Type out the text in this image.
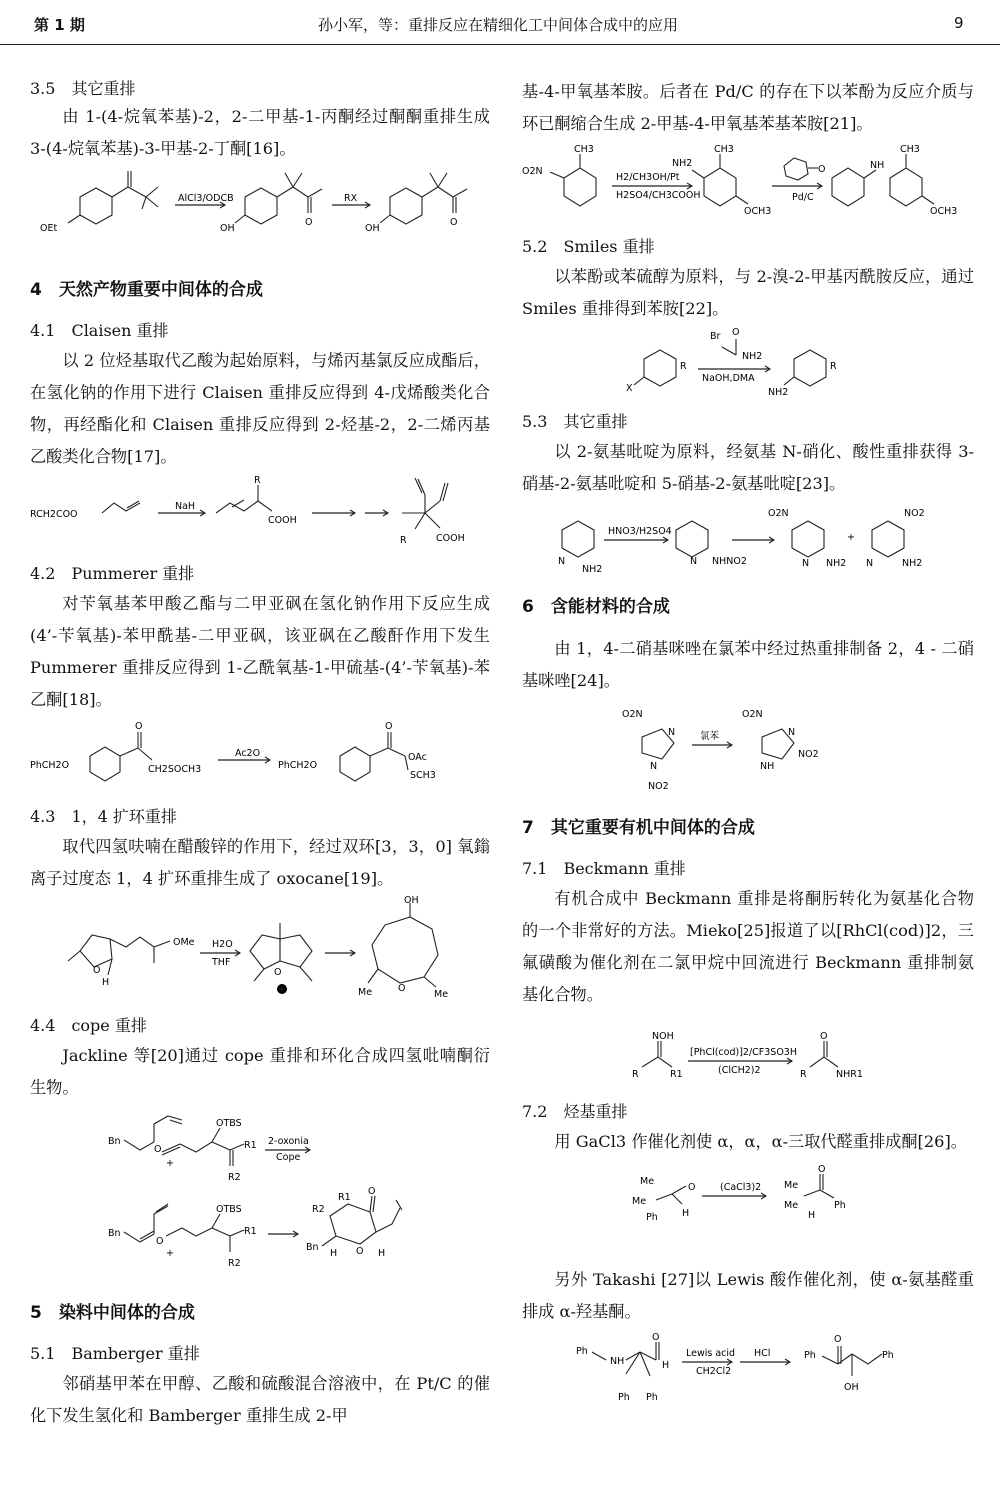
第 1 期	孙小军，等：重排反应在精细化工中间体合成中的应用	9
3.5　其它重排

由 1-(4-烷氧苯基)-2，2-二甲基-1-丙酮经过酮酮重排生成 3-(4-烷氧苯基)-3-甲基-2-丁酮[16]。

OEt
AlCl3/ODCB
O
OH
RX
O
OH
4　天然产物重要中间体的合成
4.1　Claisen 重排

以 2 位烃基取代乙酸为起始原料，与烯丙基氯反应成酯后，在氢化钠的作用下进行 Claisen 重排反应得到 4-戊烯酸类化合物，再经酯化和 Claisen 重排反应得到 2-烃基-2，2-二烯丙基乙酸类化合物[17]。

RCH2COO
NaH
R
COOH
R	COOH
4.2　Pummerer 重排

对苄氧基苯甲酸乙酯与二甲亚砜在氢化钠作用下反应生成(4’-苄氧基)-苯甲酰基-二甲亚砜，该亚砜在乙酸酐作用下发生 Pummerer 重排反应得到 1-乙酰氧基-1-甲硫基-(4’-苄氧基)-苯乙酮[18]。

PhCH2O
O
CH2SOCH3
Ac2O
PhCH2O
O
OAc
SCH3
4.3　1，4 扩环重排

取代四氢呋喃在醋酸锌的作用下，经过双环[3，3，0] 氧鎓离子过度态 1，4 扩环重排生成了 oxocane[19]。

O
H
OMe H2O
THF
O
OH
O
Me	Me
4.4　cope 重排

Jackline 等[20]通过 cope 重排和环化合成四氢吡喃酮衍生物。

Bn
O
+
OTBS
R2
R1 2-oxonia
Cope
Bn
O
+
OTBS
R2
R1
O
R2
R1
O
Bn
H	H
5　染料中间体的合成
5.1　Bamberger 重排

邻硝基甲苯在甲醇、乙酸和硫酸混合溶液中，在 Pt/C 的催化下发生氢化和 Bamberger 重排生成 2-甲

基-4-甲氧基苯胺。后者在 Pd/C 的存在下以苯酚为反应介质与环已酮缩合生成 2-甲基-4-甲氧基苯基苯胺[21]。

O2N
CH3
H2/CH3OH/Pt
H2SO4/CH3COOH
NH2
CH3
OCH3
O
Pd/C
NH
CH3
OCH3
5.2　Smiles 重排

以苯酚或苯硫醇为原料，与 2-溴-2-甲基丙酰胺反应，通过 Smiles 重排得到苯胺[22]。

R
X
NaOH,DMA
Br O
NH2
R
NH2
5.3　其它重排

以 2-氨基吡啶为原料，经氨基 N-硝化、酸性重排获得 3-硝基-2-氨基吡啶和 5-硝基-2-氨基吡啶[23]。

N
NH2
HNO3/H2SO4
N NHNO2
O2N
N NH2
+
NO2
N	NH2
6　含能材料的合成

由 1，4-二硝基咪唑在氯苯中经过热重排制备 2，4 - 二硝基咪唑[24]。

O2N
N
N
NO2
氯苯
O2N
N
NH
NO2
7　其它重要有机中间体的合成
7.1　Beckmann 重排

有机合成中 Beckmann 重排是将酮肟转化为氨基化合物的一个非常好的方法。Mieko[25]报道了以[RhCl(cod)]2，三氟磺酸为催化剂在二氯甲烷中回流进行 Beckmann 重排制氨基化合物。

NOH
R	R1
[PhCl(cod)]2/CF3SO3H
(ClCH2)2
O
R	NHR1
7.2　烃基重排

用 GaCl3 作催化剂使 α，α，α-三取代醛重排成酮[26]。

Me
Me
Ph
O
H
(CaCl3)2 Me
Me
H
O
Ph

另外 Takashi [27]以 Lewis 酸作催化剂，使 α-氨基醛重排成 α-羟基酮。

Ph
NH
O
H
Ph Ph
Lewis acid
CH2Cl2
HCl	Ph
O
OH
Ph
